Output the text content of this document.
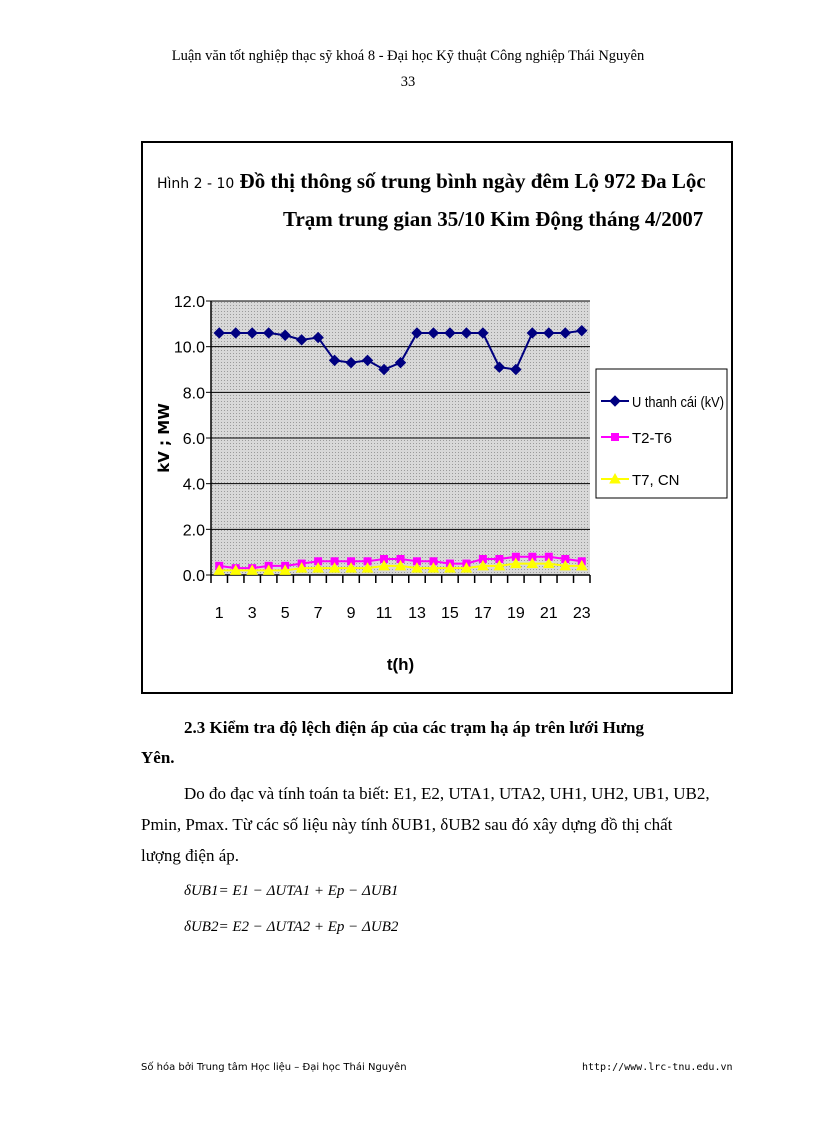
Luận văn tốt nghiệp thạc sỹ khoá 8 - Đại học Kỹ thuật Công nghiệp Thái Nguyên
33
Hình 2 - 10 Đồ thị thông số trung bình ngày đêm Lộ 972 Đa Lộc
Trạm trung gian 35/10 Kim Động tháng 4/2007
0.0
2.0
4.0
6.0
8.0
10.0
12.0
1 3 5 7 9 11 13 15 17 19 21 23
kV ; MW
t(h)
U thanh cái (kV)
T2-T6
T7, CN
2.3 Kiểm tra độ lệch điện áp của các trạm hạ áp trên lưới Hưng
Yên.
Do đo đạc và tính toán ta biết: E1, E2, UTA1, UTA2, UH1, UH2, UB1, UB2,
Pmin, Pmax. Từ các số liệu này tính δUB1, δUB2 sau đó xây dựng đồ thị chất
lượng điện áp.
δUB1= E1 − ΔUTA1 + Ep − ΔUB1
δUB2= E2 − ΔUTA2 + Ep − ΔUB2
Số hóa bởi Trung tâm Học liệu – Đại học Thái Nguyên	http://www.lrc-tnu.edu.vn
